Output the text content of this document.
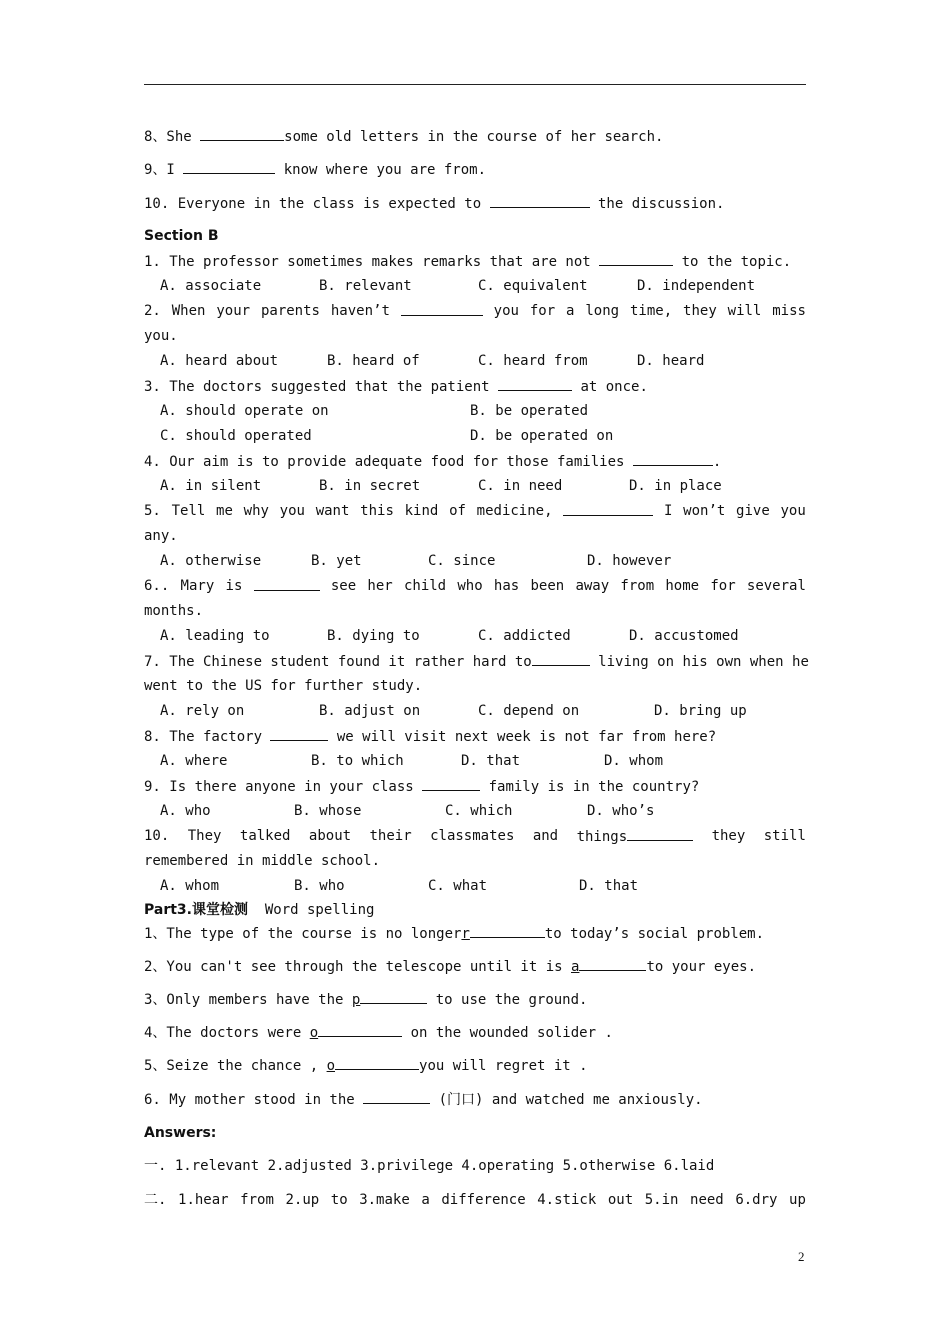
8、She	some old letters in the course of her search.
9、I	know where you are from.
10. Everyone in the class is expected to	the discussion.
Section B
1. The professor sometimes makes remarks that are not	to the topic.
A. associate	B. relevant	C. equivalent	D. independent
2. When your parents haven’t	you for a long time, they will miss
you.
A. heard about	B. heard of	C. heard from	D. heard
3. The doctors suggested that the patient	at once.
A. should operate on	B. be operated
C. should operated	D. be operated on
4. Our aim is to provide adequate food for those families	.
A. in silent	B. in secret	C. in need	D. in place
5. Tell me why you want this kind of medicine,	I won’t give you
any.
A. otherwise	B. yet	C. since	D. however
6.. Mary is	see her child who has been away from home for several
months.
A. leading to	B. dying to	C. addicted	D. accustomed
7. The Chinese student found it rather hard to	living on his own when he
went to the US for further study.
A. rely on	B. adjust on	C. depend on	D. bring up
8. The factory	we will visit next week is not far from here?
A. where	B. to which	D. that	D. whom
9. Is there anyone in your class	family is in the country?
A. who	B. whose	C. which	D. who’s
10. They talked about their classmates and things	they still
remembered in middle school.
A. whom	B. who	C. what	D. that
Part3.课堂检测 Word spelling
1、The type of the course is no longerr	to today’s social problem.
2、You can't see through the telescope until it is a	to your eyes.
3、Only members have the p	to use the ground.
4、The doctors were o	on the wounded solider .
5、Seize the chance , o	you will regret it .
6. My mother stood in the	(门口) and watched me anxiously.
Answers:
一. 1.relevant 2.adjusted 3.privilege 4.operating 5.otherwise 6.laid
二. 1.hear from 2.up to 3.make a difference 4.stick out 5.in need 6.dry up
2
